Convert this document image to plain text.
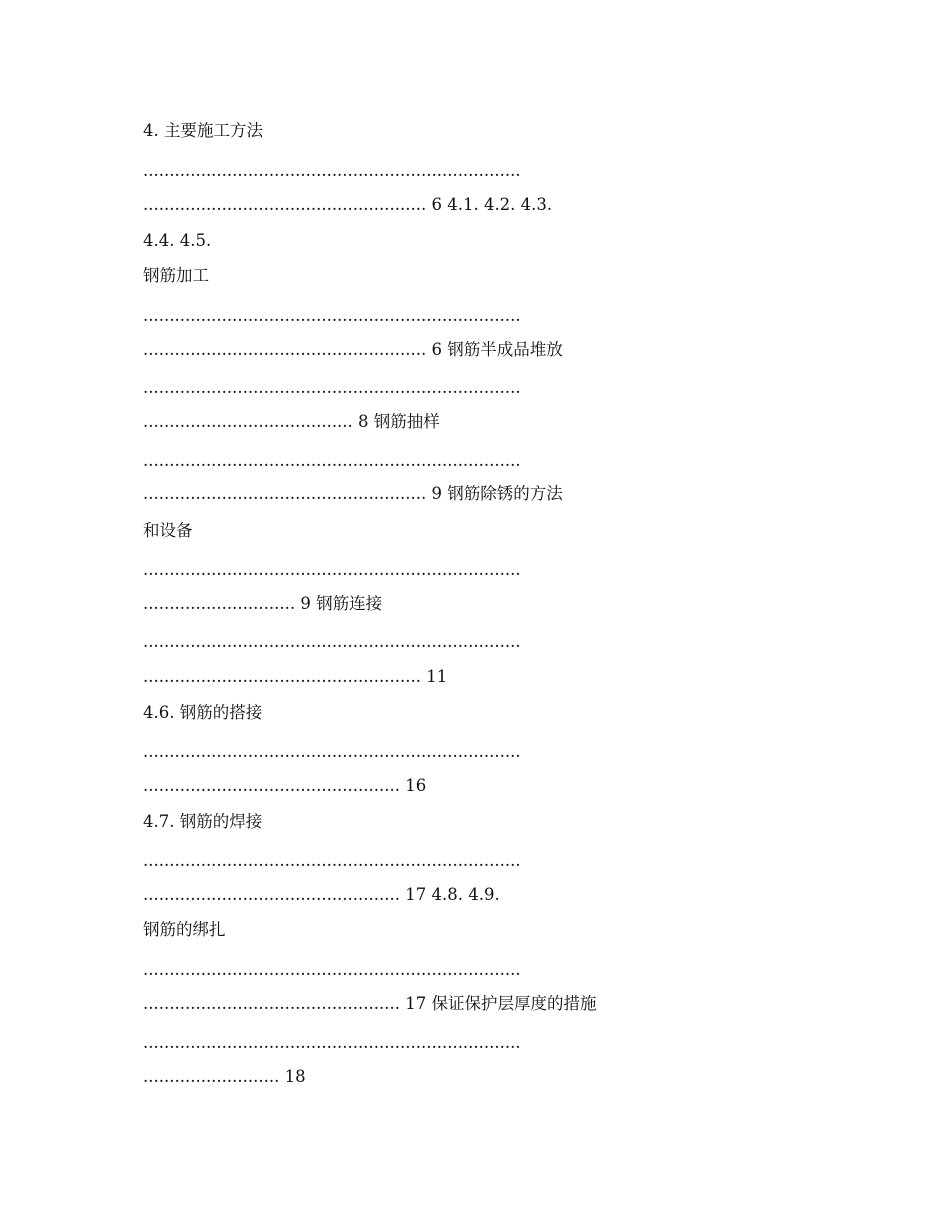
4. 主要施工方法
........................................................................
...................................................... 6 4.1. 4.2. 4.3.
4.4. 4.5.
钢筋加工
........................................................................
...................................................... 6 钢筋半成品堆放
........................................................................
........................................ 8 钢筋抽样
........................................................................
...................................................... 9 钢筋除锈的方法
和设备
........................................................................
............................. 9 钢筋连接
........................................................................
..................................................... 11
4.6. 钢筋的搭接
........................................................................
................................................. 16
4.7. 钢筋的焊接
........................................................................
................................................. 17 4.8. 4.9.
钢筋的绑扎
........................................................................
................................................. 17 保证保护层厚度的措施
........................................................................
.......................... 18
